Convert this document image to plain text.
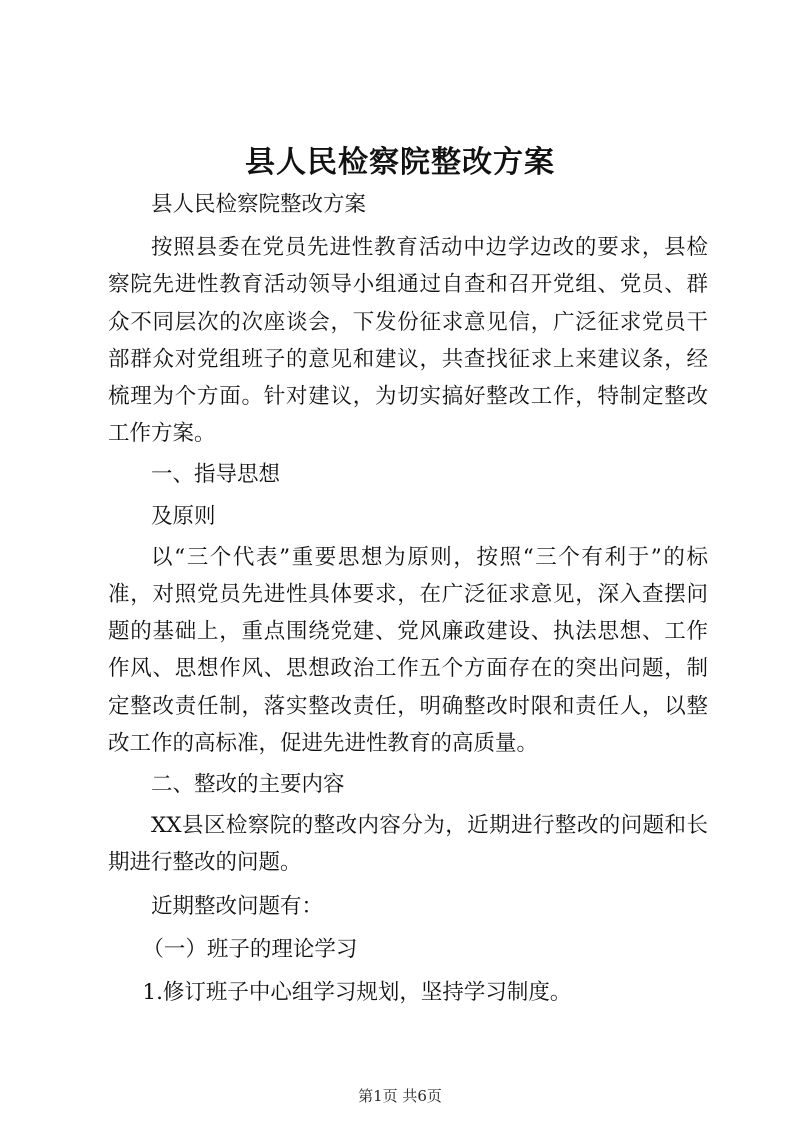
县人民检察院整改方案

县人民检察院整改方案

按照县委在党员先进性教育活动中边学边改的要求，县检察院先进性教育活动领导小组通过自查和召开党组、党员、群众不同层次的次座谈会，下发份征求意见信，广泛征求党员干部群众对党组班子的意见和建议，共查找征求上来建议条，经梳理为个方面。针对建议，为切实搞好整改工作，特制定整改工作方案。

一、指导思想

及原则

以“三个代表”重要思想为原则，按照“三个有利于”的标准，对照党员先进性具体要求，在广泛征求意见，深入查摆问题的基础上，重点围绕党建、党风廉政建设、执法思想、工作作风、思想作风、思想政治工作五个方面存在的突出问题，制定整改责任制，落实整改责任，明确整改时限和责任人，以整改工作的高标准，促进先进性教育的高质量。

二、整改的主要内容

XX县区检察院的整改内容分为，近期进行整改的问题和长期进行整改的问题。

近期整改问题有：

（一）班子的理论学习

1.修订班子中心组学习规划，坚持学习制度。

第1页 共6页
